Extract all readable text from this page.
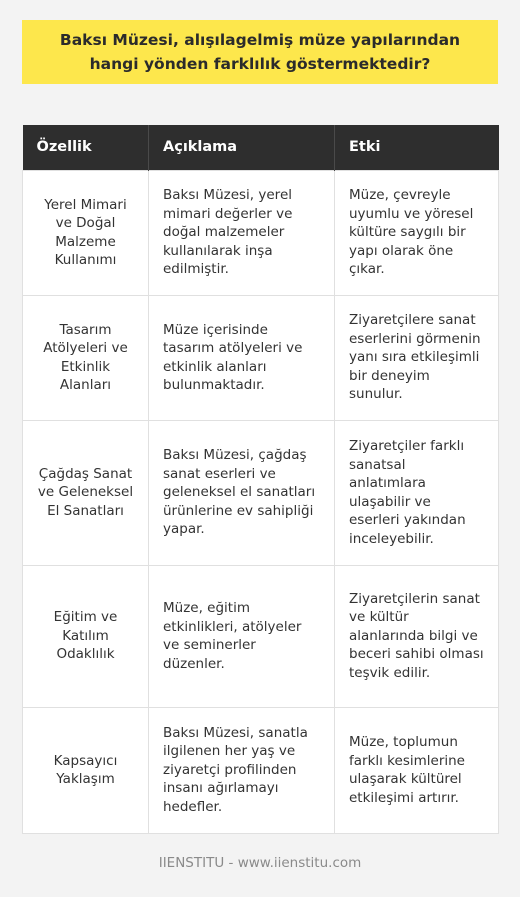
Baksı Müzesi, alışılagelmiş müze yapılarından hangi yönden farklılık göstermektedir?
Özellik	Açıklama	Etki
Yerel Mimari ve Doğal Malzeme Kullanımı	Baksı Müzesi, yerel mimari değerler ve doğal malzemeler kullanılarak inşa edilmiştir.	Müze, çevreyle uyumlu ve yöresel kültüre saygılı bir yapı olarak öne çıkar.
Tasarım Atölyeleri ve Etkinlik Alanları	Müze içerisinde tasarım atölyeleri ve etkinlik alanları bulunmaktadır.	Ziyaretçilere sanat eserlerini görmenin yanı sıra etkileşimli bir deneyim sunulur.
Çağdaş Sanat ve Geleneksel El Sanatları	Baksı Müzesi, çağdaş sanat eserleri ve geleneksel el sanatları ürünlerine ev sahipliği yapar.	Ziyaretçiler farklı sanatsal anlatımlara ulaşabilir ve eserleri yakından inceleyebilir.
Eğitim ve Katılım Odaklılık	Müze, eğitim etkinlikleri, atölyeler ve seminerler düzenler.	Ziyaretçilerin sanat ve kültür alanlarında bilgi ve beceri sahibi olması teşvik edilir.
Kapsayıcı Yaklaşım	Baksı Müzesi, sanatla ilgilenen her yaş ve ziyaretçi profilinden insanı ağırlamayı hedefler.	Müze, toplumun farklı kesimlerine ulaşarak kültürel etkileşimi artırır.
IIENSTITU - www.iienstitu.com
